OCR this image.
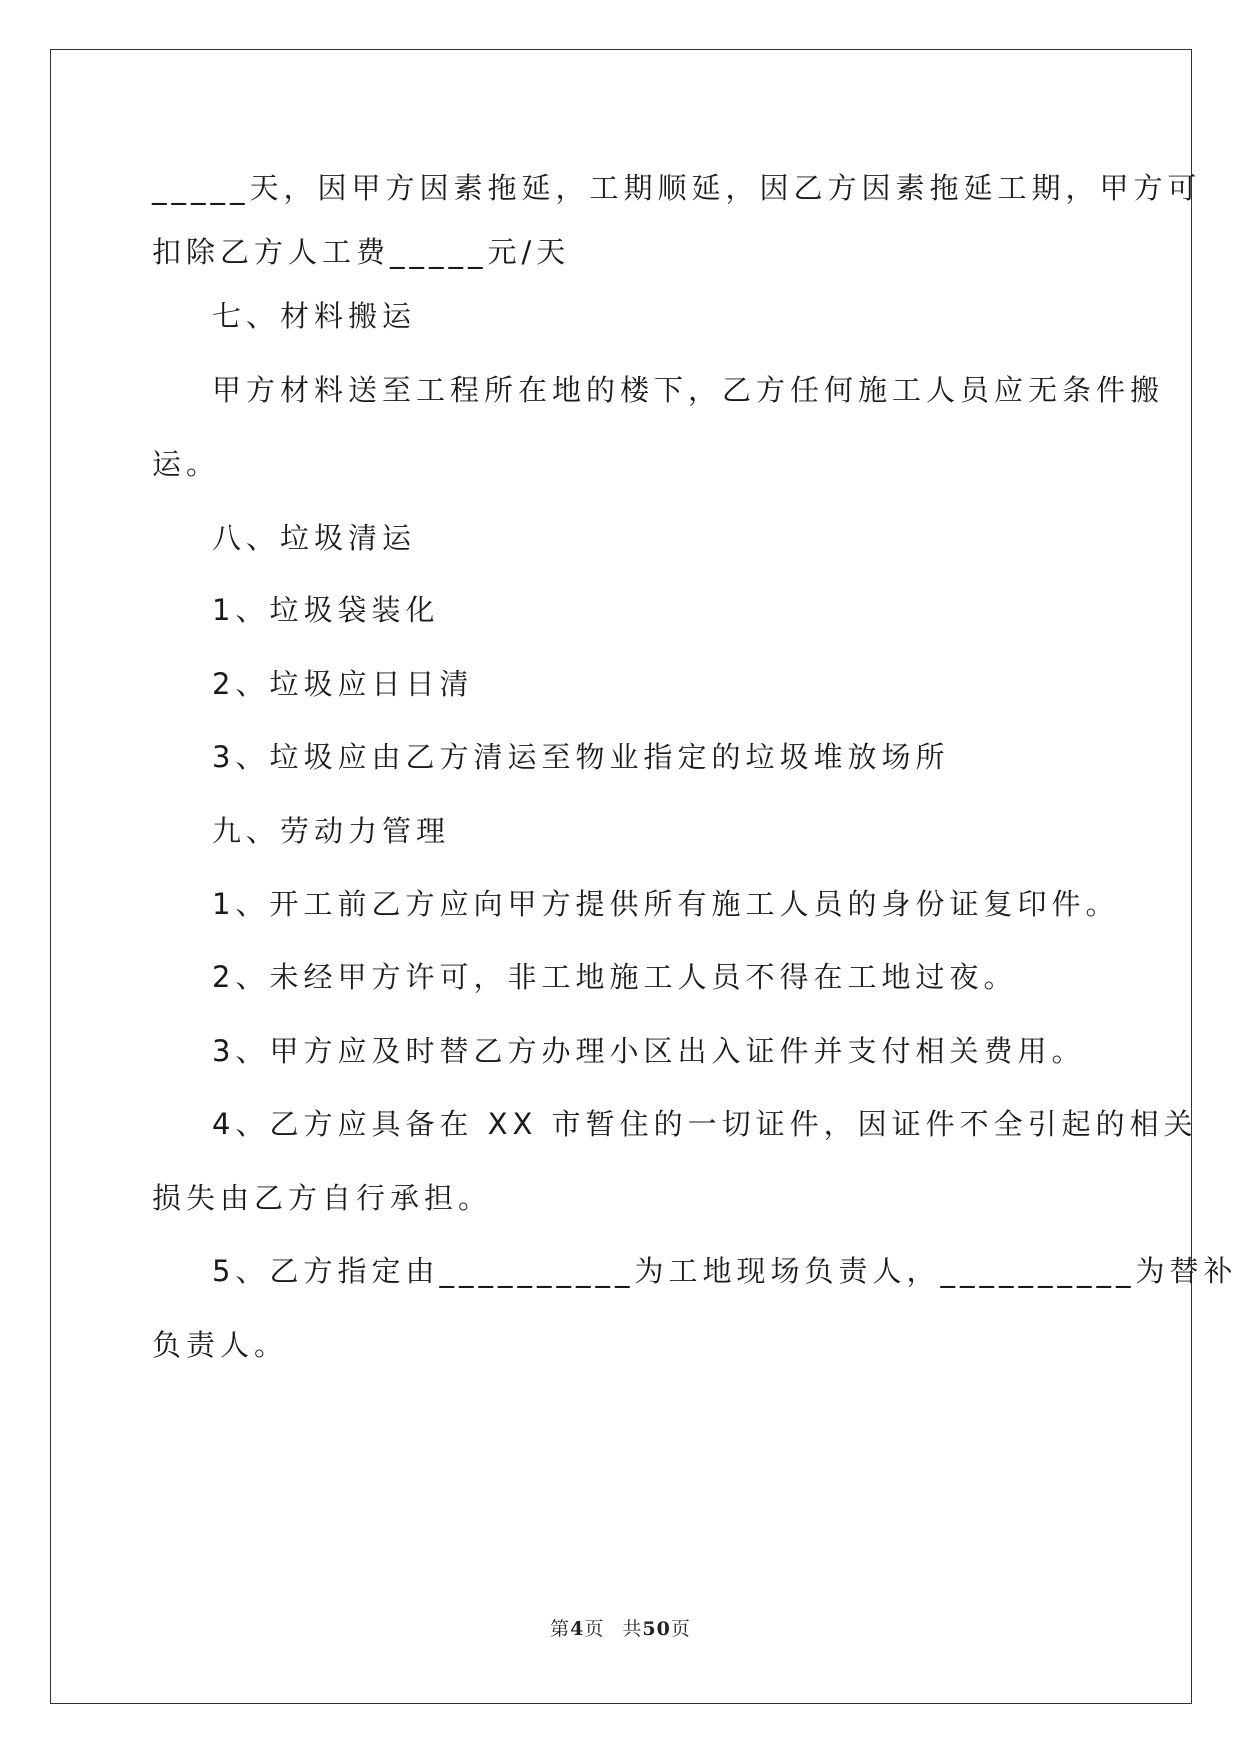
_____天，因甲方因素拖延，工期顺延，因乙方因素拖延工期，甲方可
扣除乙方人工费_____元/天
七、材料搬运
甲方材料送至工程所在地的楼下，乙方任何施工人员应无条件搬
运。
八、垃圾清运
1、垃圾袋装化
2、垃圾应日日清
3、垃圾应由乙方清运至物业指定的垃圾堆放场所
九、劳动力管理
1、开工前乙方应向甲方提供所有施工人员的身份证复印件。
2、未经甲方许可，非工地施工人员不得在工地过夜。
3、甲方应及时替乙方办理小区出入证件并支付相关费用。
4、乙方应具备在 XX 市暂住的一切证件，因证件不全引起的相关
损失由乙方自行承担。
5、乙方指定由__________为工地现场负责人，__________为替补
负责人。
第4页 共50页
